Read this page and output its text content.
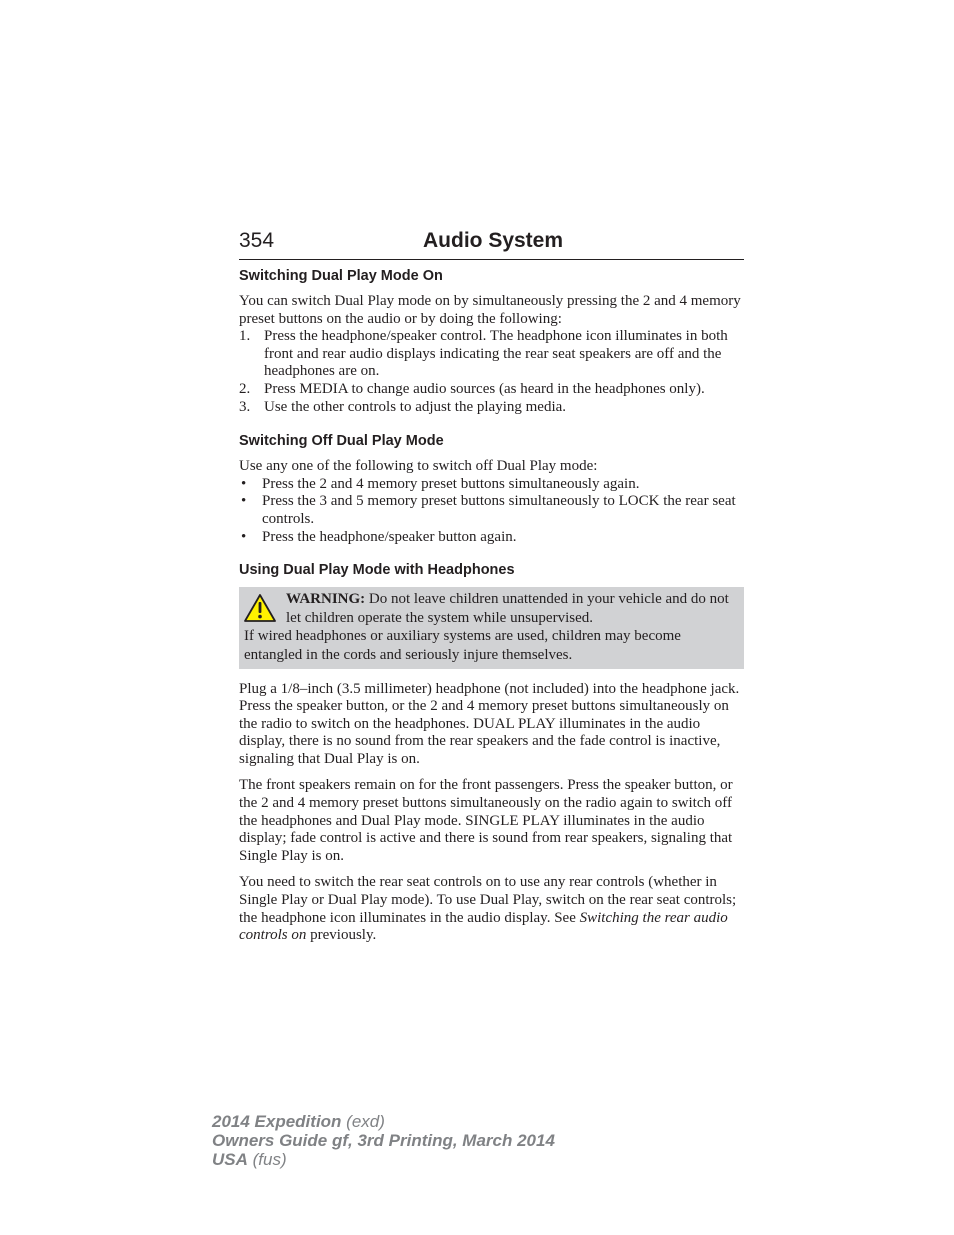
354	Audio System
Switching Dual Play Mode On

You can switch Dual Play mode on by simultaneously pressing the 2 and 4 memory preset buttons on the audio or by doing the following:

1. Press the headphone/speaker control. The headphone icon illuminates in both front and rear audio displays indicating the rear seat speakers are off and the headphones are on.
2. Press MEDIA to change audio sources (as heard in the headphones only).
3. Use the other controls to adjust the playing media.
Switching Off Dual Play Mode

Use any one of the following to switch off Dual Play mode:

• Press the 2 and 4 memory preset buttons simultaneously again.
• Press the 3 and 5 memory preset buttons simultaneously to LOCK the rear seat controls.
• Press the headphone/speaker button again.
Using Dual Play Mode with Headphones
WARNING: Do not leave children unattended in your vehicle and do not let children operate the system while unsupervised.
If wired headphones or auxiliary systems are used, children may become entangled in the cords and seriously injure themselves.

Plug a 1/8–inch (3.5 millimeter) headphone (not included) into the headphone jack. Press the speaker button, or the 2 and 4 memory preset buttons simultaneously on the radio to switch on the headphones. DUAL PLAY illuminates in the audio display, there is no sound from the rear speakers and the fade control is inactive, signaling that Dual Play is on.

The front speakers remain on for the front passengers. Press the speaker button, or the 2 and 4 memory preset buttons simultaneously on the radio again to switch off the headphones and Dual Play mode. SINGLE PLAY illuminates in the audio display; fade control is active and there is sound from rear speakers, signaling that Single Play is on.

You need to switch the rear seat controls on to use any rear controls (whether in Single Play or Dual Play mode). To use Dual Play, switch on the rear seat controls; the headphone icon illuminates in the audio display. See Switching the rear audio controls on previously.

2014 Expedition (exd)
Owners Guide gf, 3rd Printing, March 2014
USA (fus)
